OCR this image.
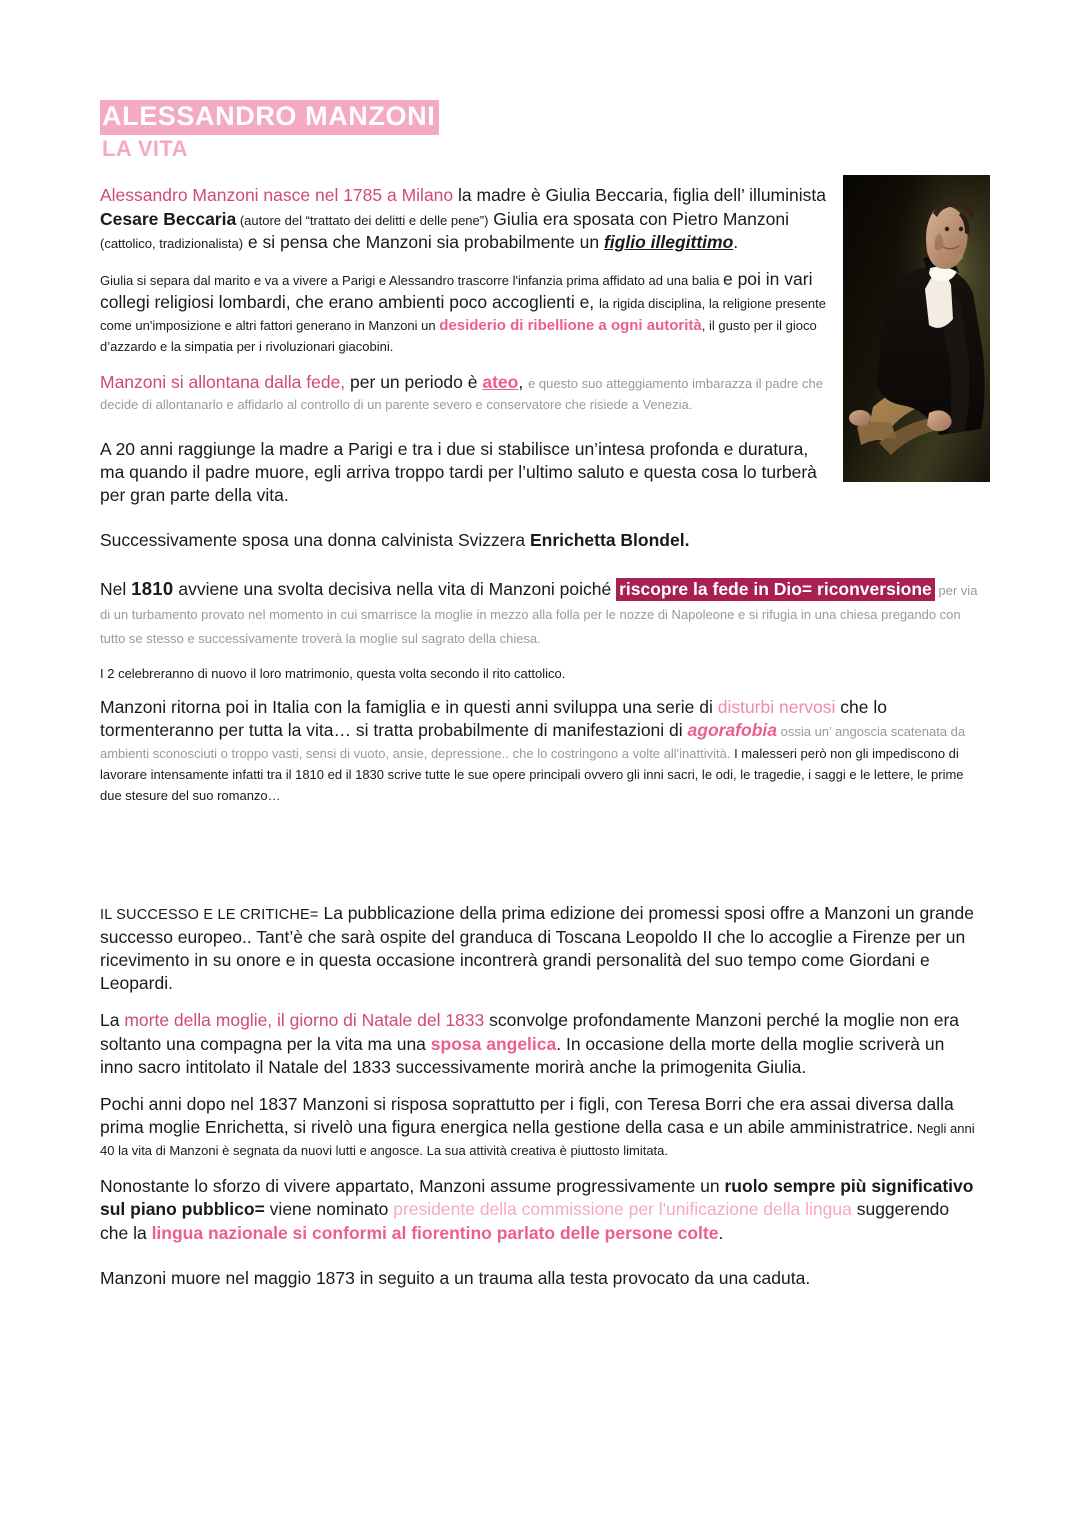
ALESSANDRO MANZONI
LA VITA

Alessandro Manzoni nasce nel 1785 a Milano la madre è Giulia Beccaria, figlia dell’ illuminista Cesare Beccaria (autore del “trattato dei delitti e delle pene”) Giulia era sposata con Pietro Manzoni (cattolico, tradizionalista) e si pensa che Manzoni sia probabilmente un figlio illegittimo.

Giulia si separa dal marito e va a vivere a Parigi e Alessandro trascorre l'infanzia prima affidato ad una balia e poi in vari collegi religiosi lombardi, che erano ambienti poco accoglienti e, la rigida disciplina, la religione presente come un'imposizione e altri fattori generano in Manzoni un desiderio di ribellione a ogni autorità, il gusto per il gioco d’azzardo e la simpatia per i rivoluzionari giacobini.

Manzoni si allontana dalla fede, per un periodo è ateo, e questo suo atteggiamento imbarazza il padre che decide di allontanarlo e affidarlo al controllo di un parente severo e conservatore che risiede a Venezia.

A 20 anni raggiunge la madre a Parigi e tra i due si stabilisce un’intesa profonda e duratura, ma quando il padre muore, egli arriva troppo tardi per l’ultimo saluto e questa cosa lo turberà per gran parte della vita.

Successivamente sposa una donna calvinista Svizzera Enrichetta Blondel.

Nel 1810 avviene una svolta decisiva nella vita di Manzoni poiché riscopre la fede in Dio= riconversione per via di un turbamento provato nel momento in cui smarrisce la moglie in mezzo alla folla per le nozze di Napoleone e si rifugia in una chiesa pregando con tutto se stesso e successivamente troverà la moglie sul sagrato della chiesa.

I 2 celebreranno di nuovo il loro matrimonio, questa volta secondo il rito cattolico.

Manzoni ritorna poi in Italia con la famiglia e in questi anni sviluppa una serie di disturbi nervosi che lo tormenteranno per tutta la vita… si tratta probabilmente di manifestazioni di agorafobia ossia un’ angoscia scatenata da ambienti sconosciuti o troppo vasti, sensi di vuoto, ansie, depressione.. che lo costringono a volte all'inattività. I malesseri però non gli impediscono di lavorare intensamente infatti tra il 1810 ed il 1830 scrive tutte le sue opere principali ovvero gli inni sacri, le odi, le tragedie, i saggi e le lettere, le prime due stesure del suo romanzo…

IL SUCCESSO E LE CRITICHE= La pubblicazione della prima edizione dei promessi sposi offre a Manzoni un grande successo europeo.. Tant’è che sarà ospite del granduca di Toscana Leopoldo II che lo accoglie a Firenze per un ricevimento in su onore e in questa occasione incontrerà grandi personalità del suo tempo come Giordani e Leopardi.

La morte della moglie, il giorno di Natale del 1833 sconvolge profondamente Manzoni perché la moglie non era soltanto una compagna per la vita ma una sposa angelica. In occasione della morte della moglie scriverà un inno sacro intitolato il Natale del 1833 successivamente morirà anche la primogenita Giulia.

Pochi anni dopo nel 1837 Manzoni si risposa soprattutto per i figli, con Teresa Borri che era assai diversa dalla prima moglie Enrichetta, si rivelò una figura energica nella gestione della casa e un abile amministratrice. Negli anni 40 la vita di Manzoni è segnata da nuovi lutti e angosce. La sua attività creativa è piuttosto limitata.

Nonostante lo sforzo di vivere appartato, Manzoni assume progressivamente un ruolo sempre più significativo sul piano pubblico= viene nominato presidente della commissione per l'unificazione della lingua suggerendo che la lingua nazionale si conformi al fiorentino parlato delle persone colte.

Manzoni muore nel maggio 1873 in seguito a un trauma alla testa provocato da una caduta.
